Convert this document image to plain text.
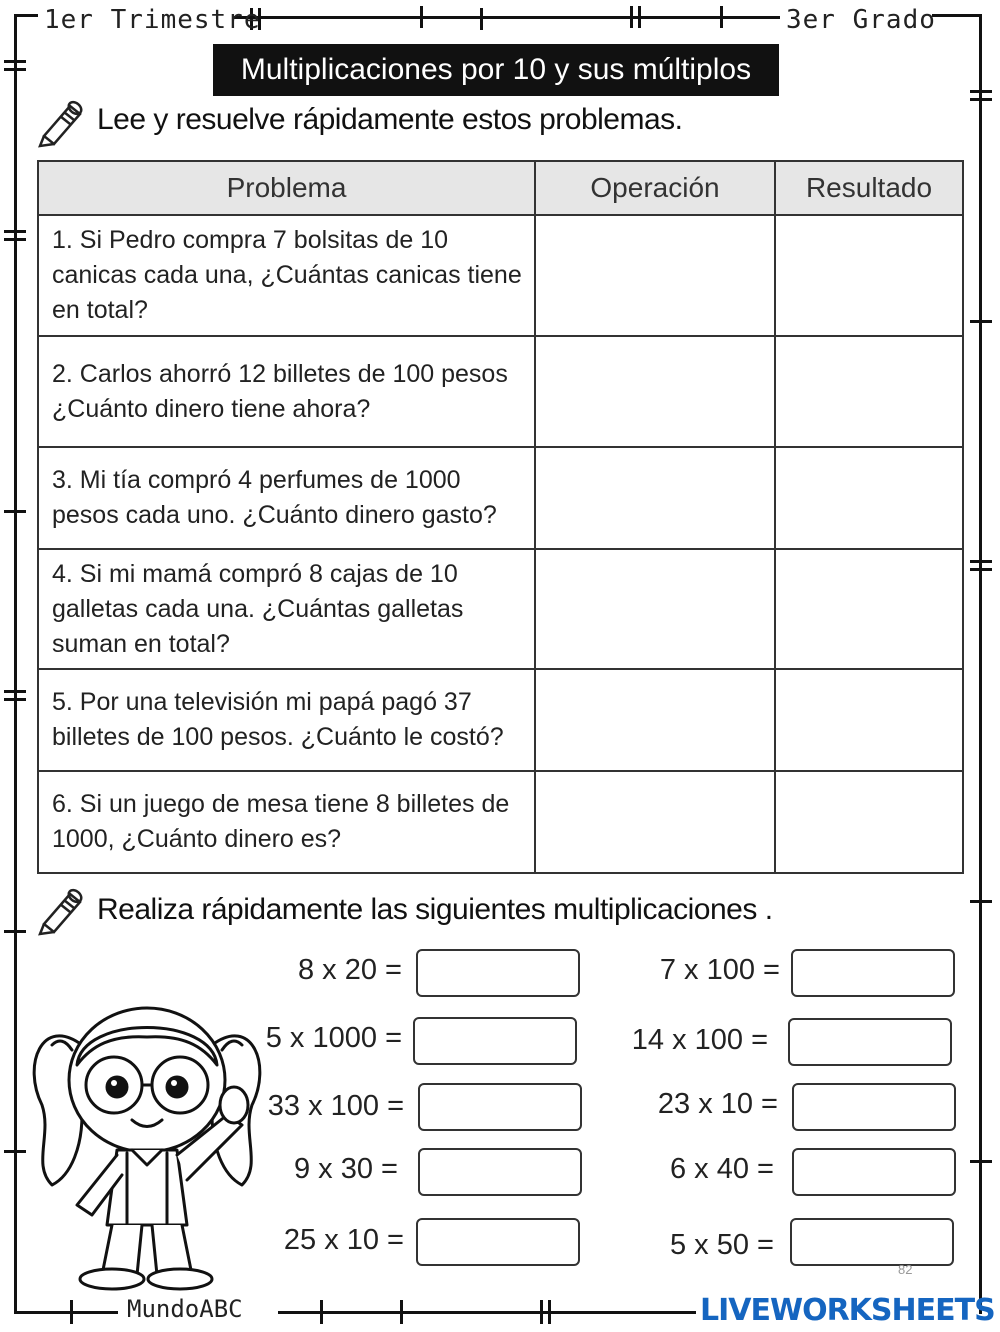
1er Trimestre	3er Grado
Multiplicaciones por 10 y sus múltiplos
Lee y resuelve rápidamente estos problemas.
Problema	Operación	Resultado

1. Si Pedro compra 7 bolsitas de 10
canicas cada una, ¿Cuántas canicas tiene
en total?		

2. Carlos ahorró 12 billetes de 100 pesos
¿Cuánto dinero tiene ahora?		

3. Mi tía compró 4 perfumes de 1000
pesos cada uno. ¿Cuánto dinero gasto?		

4. Si mi mamá compró 8 cajas de 10
galletas cada una. ¿Cuántas galletas
suman en total?		

5. Por una televisión mi papá pagó 37
billetes de 100 pesos. ¿Cuánto le costó?		

6. Si un juego de mesa tiene 8 billetes de
1000, ¿Cuánto dinero es?		

Realiza rápidamente las siguientes multiplicaciones .
8 x 20 =
5 x 1000 =
33 x 100 =
9 x 30 =
25 x 10 =
7 x 100 =
14 x 100 =
23 x 10 =
6 x 40 =
5 x 50 =
82
MundoABC	LIVEWORKSHEETS
